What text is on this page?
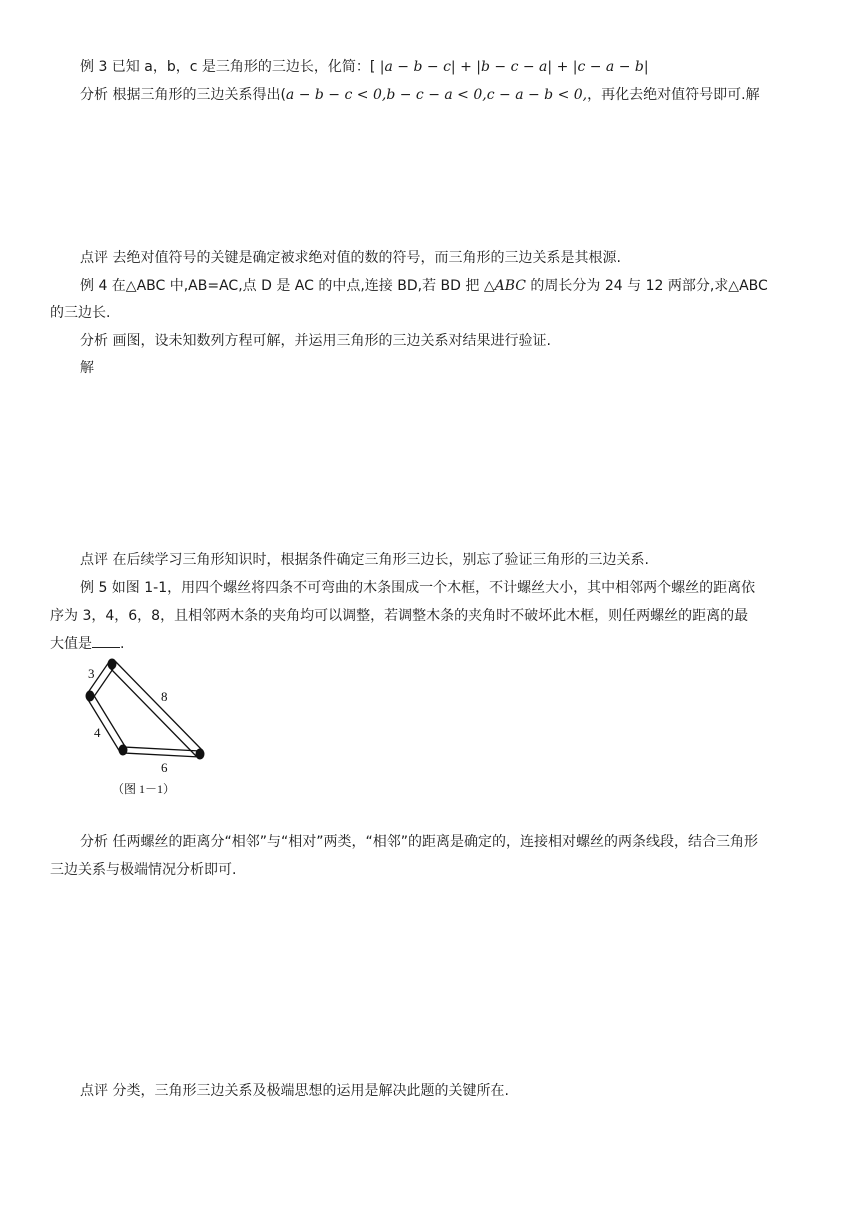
例 3 已知 a，b，c 是三角形的三边长，化简：[ |a − b − c| + |b − c − a| + |c − a − b|
分析 根据三角形的三边关系得出(a − b − c < 0,b − c − a < 0,c − a − b < 0,，再化去绝对值符号即可.解
点评 去绝对值符号的关键是确定被求绝对值的数的符号，而三角形的三边关系是其根源.
例 4 在△ABC 中,AB=AC,点 D 是 AC 的中点,连接 BD,若 BD 把 △ABC 的周长分为 24 与 12 两部分,求△ABC
的三边长.
分析 画图，设未知数列方程可解，并运用三角形的三边关系对结果进行验证.
解
点评 在后续学习三角形知识时，根据条件确定三角形三边长，别忘了验证三角形的三边关系.
例 5 如图 1-1，用四个螺丝将四条不可弯曲的木条围成一个木框，不计螺丝大小，其中相邻两个螺丝的距离依
序为 3，4，6，8，且相邻两木条的夹角均可以调整，若调整木条的夹角时不破坏此木框，则任两螺丝的距离的最
大值是 .
3
4
6
8
（图 1－1）
分析 任两螺丝的距离分“相邻”与“相对”两类，“相邻”的距离是确定的，连接相对螺丝的两条线段，结合三角形
三边关系与极端情况分析即可.
点评 分类，三角形三边关系及极端思想的运用是解决此题的关键所在.
